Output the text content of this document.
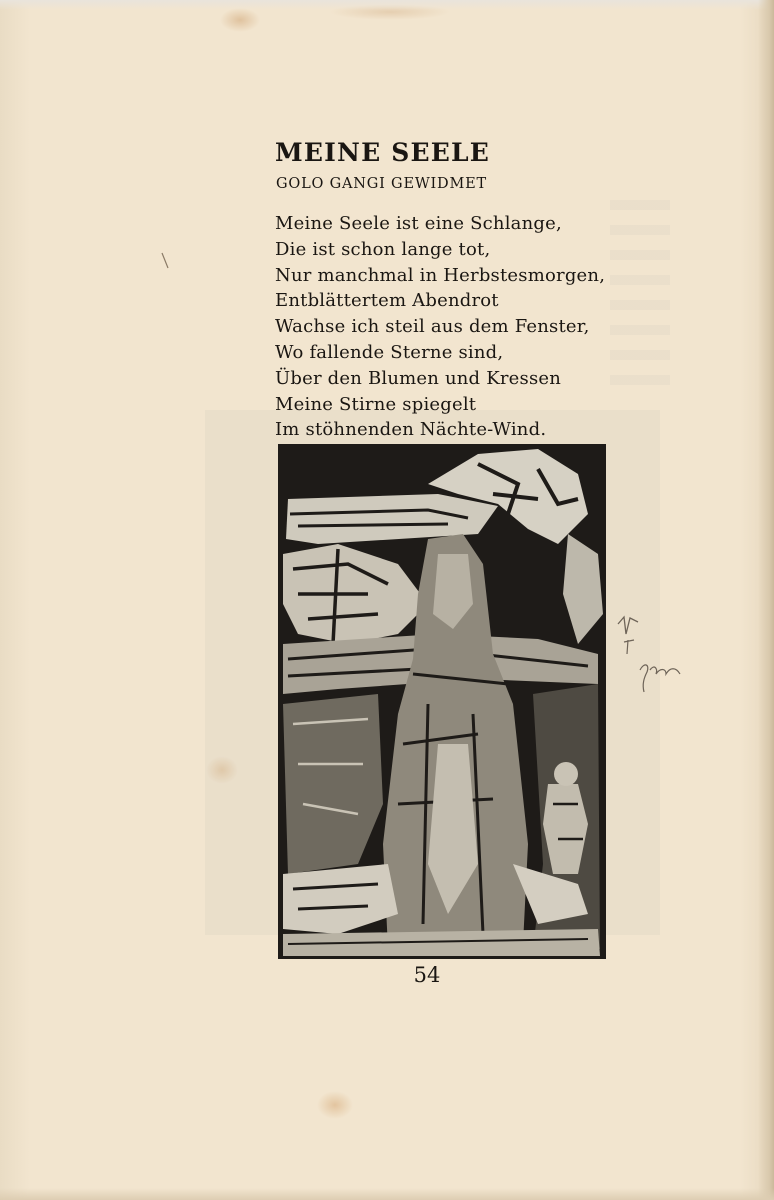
MEINE SEELE
GOLO GANGI GEWIDMET
Meine Seele ist eine Schlange,
Die ist schon lange tot,
Nur manchmal in Herbstesmorgen,
Entblättertem Abendrot
Wachse ich steil aus dem Fenster,
Wo fallende Sterne sind,
Über den Blumen und Kressen
Meine Stirne spiegelt
Im stöhnenden Nächte-Wind.
54
